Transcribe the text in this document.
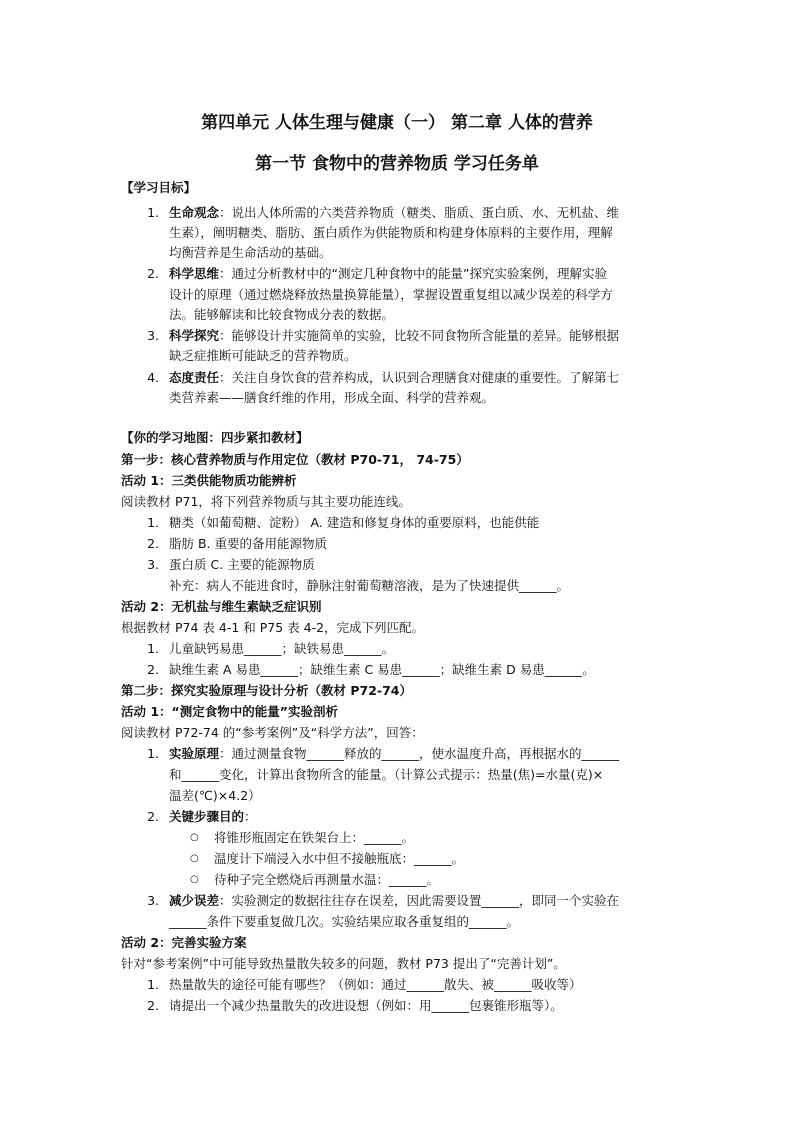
第四单元 人体生理与健康（一） 第二章 人体的营养
第一节 食物中的营养物质 学习任务单
【学习目标】
1. 生命观念：说出人体所需的六类营养物质（糖类、脂质、蛋白质、水、无机盐、维
生素），阐明糖类、脂肪、蛋白质作为供能物质和构建身体原料的主要作用，理解
均衡营养是生命活动的基础。
2. 科学思维：通过分析教材中的“测定几种食物中的能量”探究实验案例，理解实验
设计的原理（通过燃烧释放热量换算能量），掌握设置重复组以减少误差的科学方
法。能够解读和比较食物成分表的数据。
3. 科学探究：能够设计并实施简单的实验，比较不同食物所含能量的差异。能够根据
缺乏症推断可能缺乏的营养物质。
4. 态度责任：关注自身饮食的营养构成，认识到合理膳食对健康的重要性。了解第七
类营养素——膳食纤维的作用，形成全面、科学的营养观。
【你的学习地图：四步紧扣教材】
第一步：核心营养物质与作用定位（教材 P70-71， 74-75）
活动 1：三类供能物质功能辨析
阅读教材 P71，将下列营养物质与其主要功能连线。
1. 糖类（如葡萄糖、淀粉） A. 建造和修复身体的重要原料，也能供能
2. 脂肪 B. 重要的备用能源物质
3. 蛋白质 C. 主要的能源物质
补充：病人不能进食时，静脉注射葡萄糖溶液，是为了快速提供______。
活动 2：无机盐与维生素缺乏症识别
根据教材 P74 表 4-1 和 P75 表 4-2，完成下列匹配。
1. 儿童缺钙易患______；缺铁易患______。
2. 缺维生素 A 易患______；缺维生素 C 易患______；缺维生素 D 易患______。
第二步：探究实验原理与设计分析（教材 P72-74）
活动 1：“测定食物中的能量”实验剖析
阅读教材 P72-74 的“参考案例”及“科学方法”，回答：
1. 实验原理：通过测量食物______释放的______，使水温度升高，再根据水的______
和______变化，计算出食物所含的能量。（计算公式提示：热量(焦)=水量(克)×
温差(℃)×4.2）
2. 关键步骤目的：
○ 将锥形瓶固定在铁架台上：______。
○ 温度计下端浸入水中但不接触瓶底：______。
○ 待种子完全燃烧后再测量水温：______。
3. 减少误差：实验测定的数据往往存在误差，因此需要设置______，即同一个实验在
______条件下要重复做几次。实验结果应取各重复组的______。
活动 2：完善实验方案
针对“参考案例”中可能导致热量散失较多的问题，教材 P73 提出了“完善计划”。
1. 热量散失的途径可能有哪些？（例如：通过______散失、被______吸收等）
2. 请提出一个减少热量散失的改进设想（例如：用______包裹锥形瓶等）。
